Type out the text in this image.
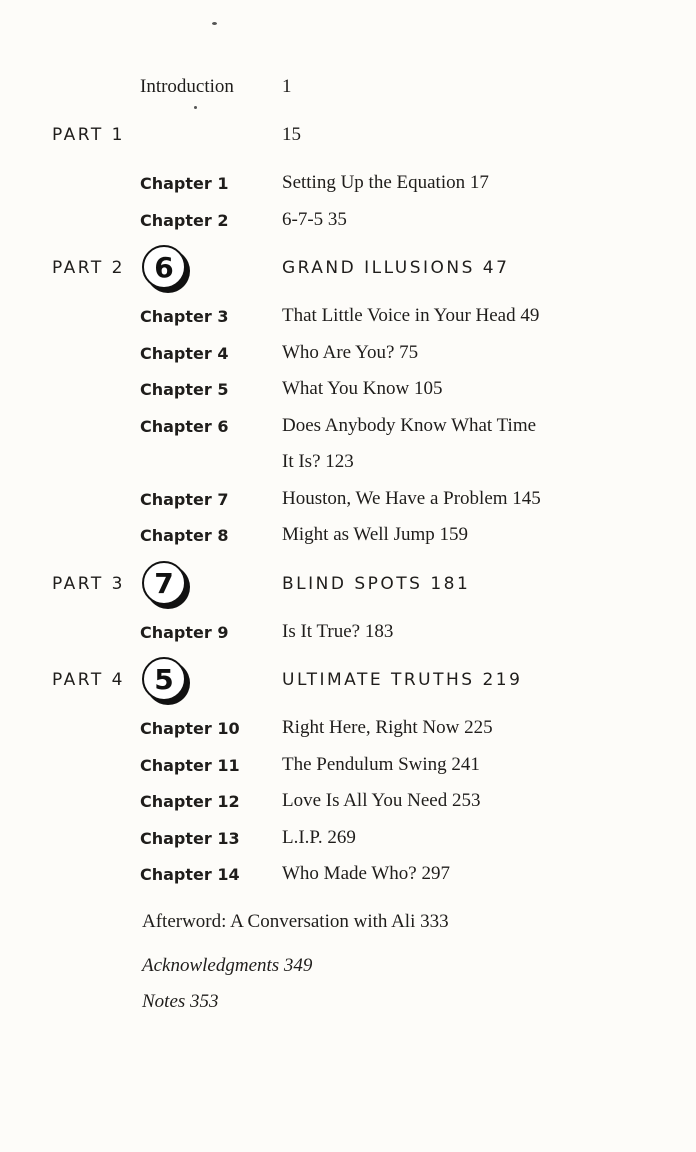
Introduction	1
PART 1	15
Chapter 1	Setting Up the Equation 17
Chapter 2	6-7-5 35
PART 2	6	GRAND ILLUSIONS 47
Chapter 3	That Little Voice in Your Head 49
Chapter 4	Who Are You? 75
Chapter 5	What You Know 105
Chapter 6	Does Anybody Know What Time
It Is? 123
Chapter 7	Houston, We Have a Problem 145
Chapter 8	Might as Well Jump 159
PART 3	7	BLIND SPOTS 181
Chapter 9	Is It True? 183
PART 4	5	ULTIMATE TRUTHS 219
Chapter 10 Right Here, Right Now 225
Chapter 11 The Pendulum Swing 241
Chapter 12 Love Is All You Need 253
Chapter 13 L.I.P. 269
Chapter 14 Who Made Who? 297
Afterword: A Conversation with Ali 333
Acknowledgments 349
Notes 353
